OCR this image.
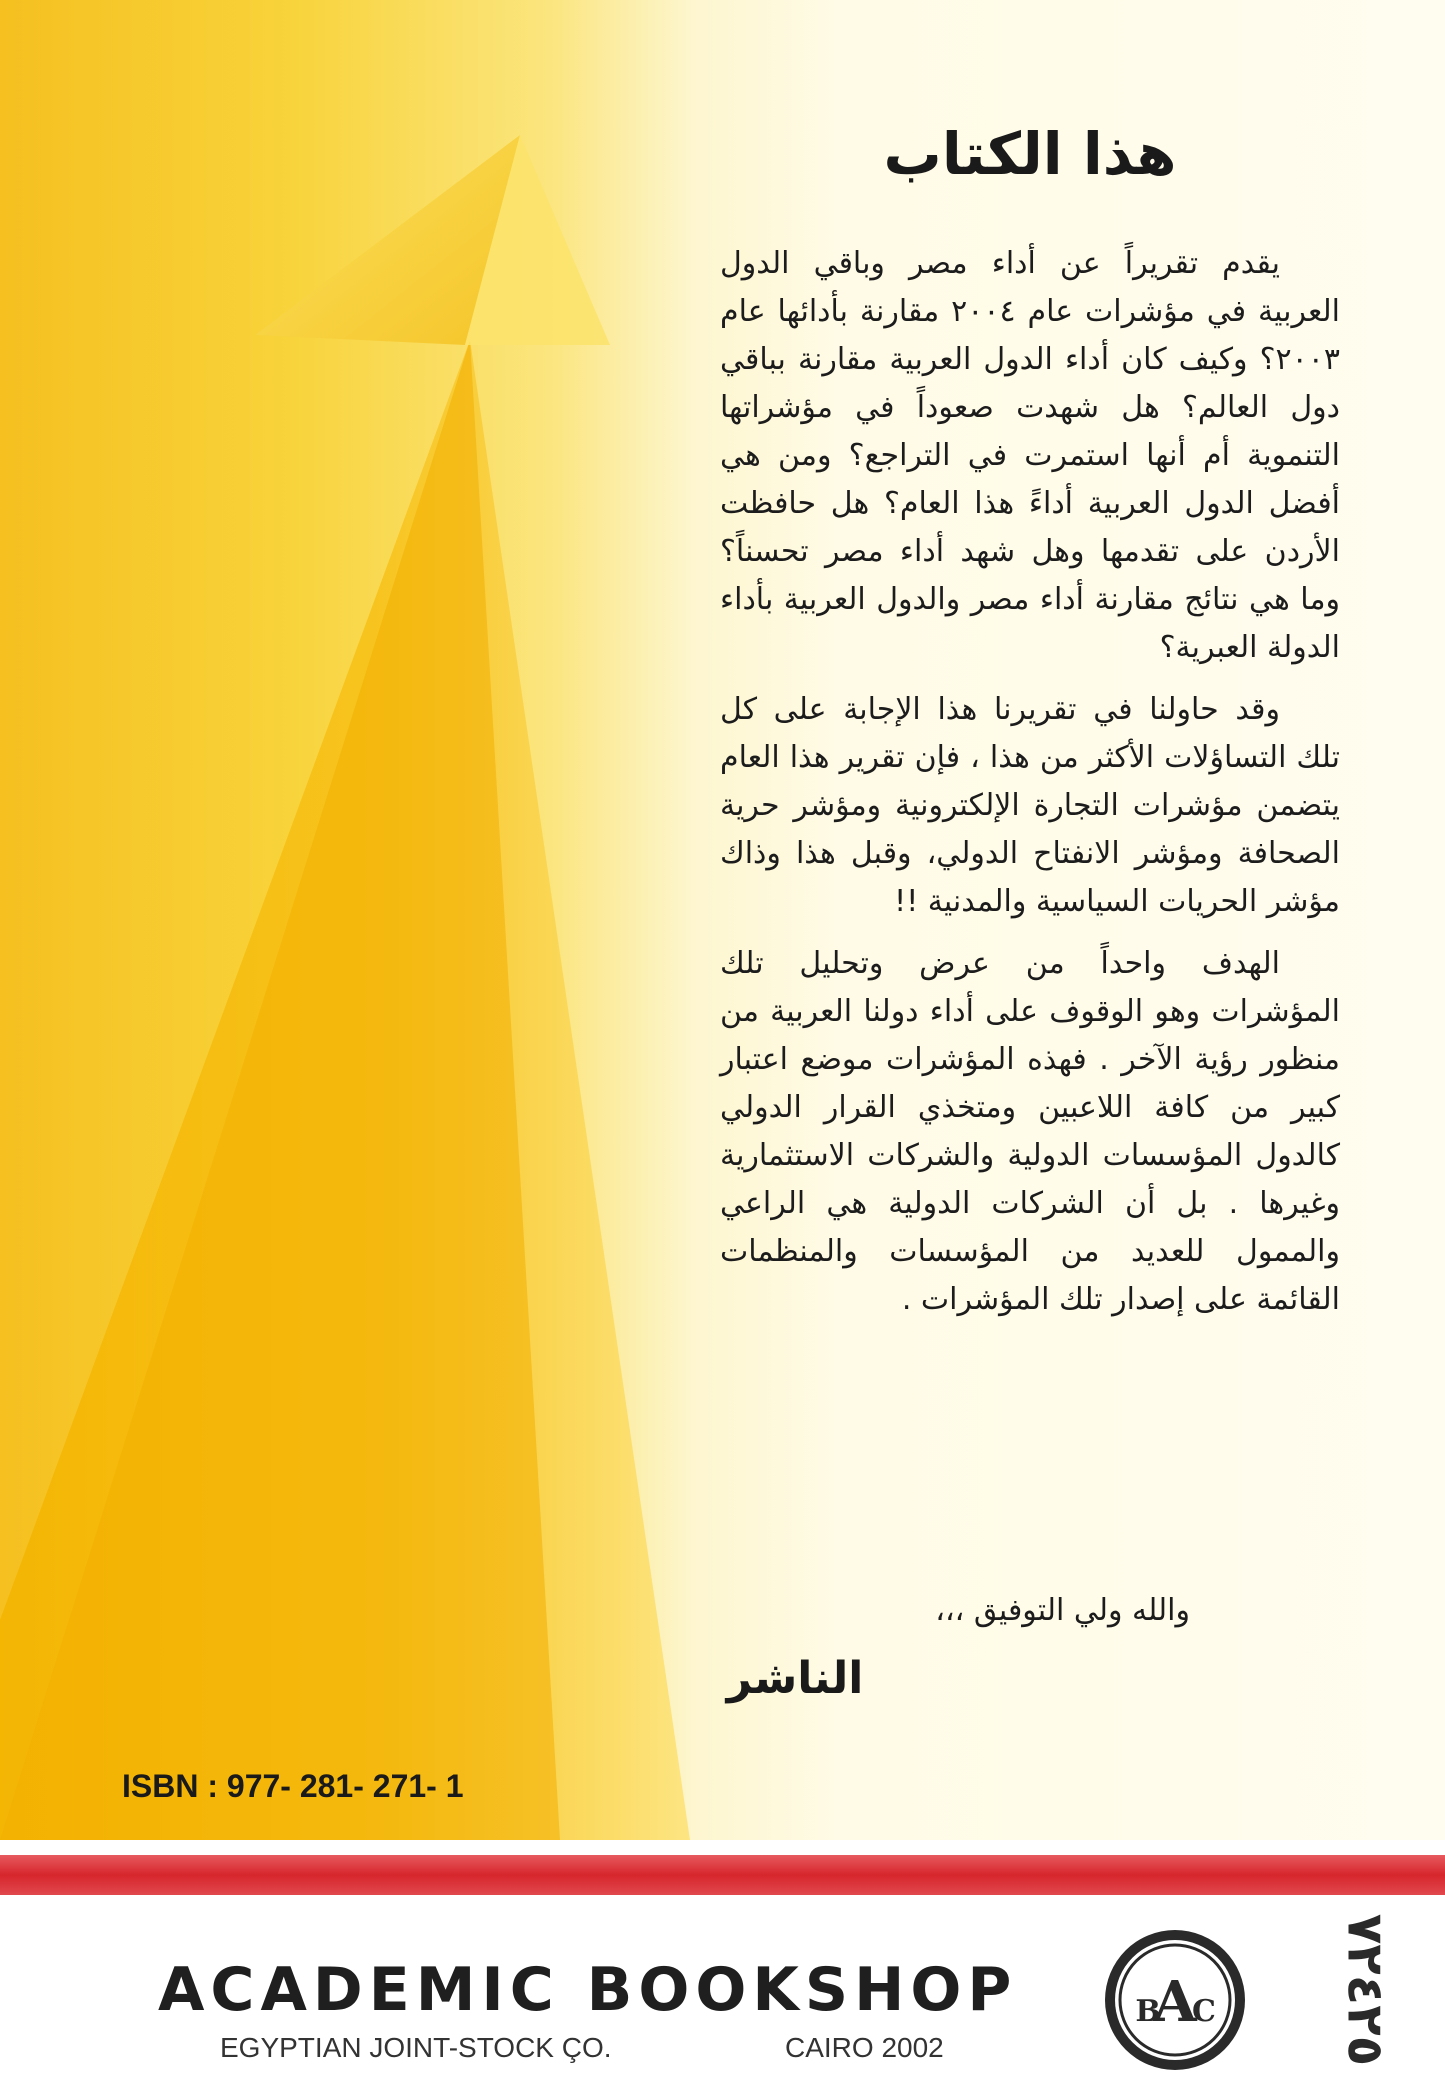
هذا الكتاب

يقدم تقريراً عن أداء مصر وباقي الدول العربية في مؤشرات عام ٢٠٠٤ مقارنة بأدائها عام ٢٠٠٣؟ وكيف كان أداء الدول العربية مقارنة بباقي دول العالم؟ هل شهدت صعوداً في مؤشراتها التنموية أم أنها استمرت في التراجع؟ ومن هي أفضل الدول العربية أداءً هذا العام؟ هل حافظت الأردن على تقدمها وهل شهد أداء مصر تحسناً؟ وما هي نتائج مقارنة أداء مصر والدول العربية بأداء الدولة العبرية؟

وقد حاولنا في تقريرنا هذا الإجابة على كل تلك التساؤلات الأكثر من هذا ، فإن تقرير هذا العام يتضمن مؤشرات التجارة الإلكترونية ومؤشر حرية الصحافة ومؤشر الانفتاح الدولي، وقبل هذا وذاك مؤشر الحريات السياسية والمدنية !!

الهدف واحداً من عرض وتحليل تلك المؤشرات وهو الوقوف على أداء دولنا العربية من منظور رؤية الآخر . فهذه المؤشرات موضع اعتبار كبير من كافة اللاعبين ومتخذي القرار الدولي كالدول المؤسسات الدولية والشركات الاستثمارية وغيرها . بل أن الشركات الدولية هي الراعي والممول للعديد من المؤسسات والمنظمات القائمة على إصدار تلك المؤشرات .

والله ولي التوفيق ،،،
الناشر
ISBN : 977- 281- 271- 1
ACADEMIC BOOKSHOP
EGYPTIAN JOINT-STOCK ÇO.	CAIRO 2002
A
B C ٧٢٤٢٥
